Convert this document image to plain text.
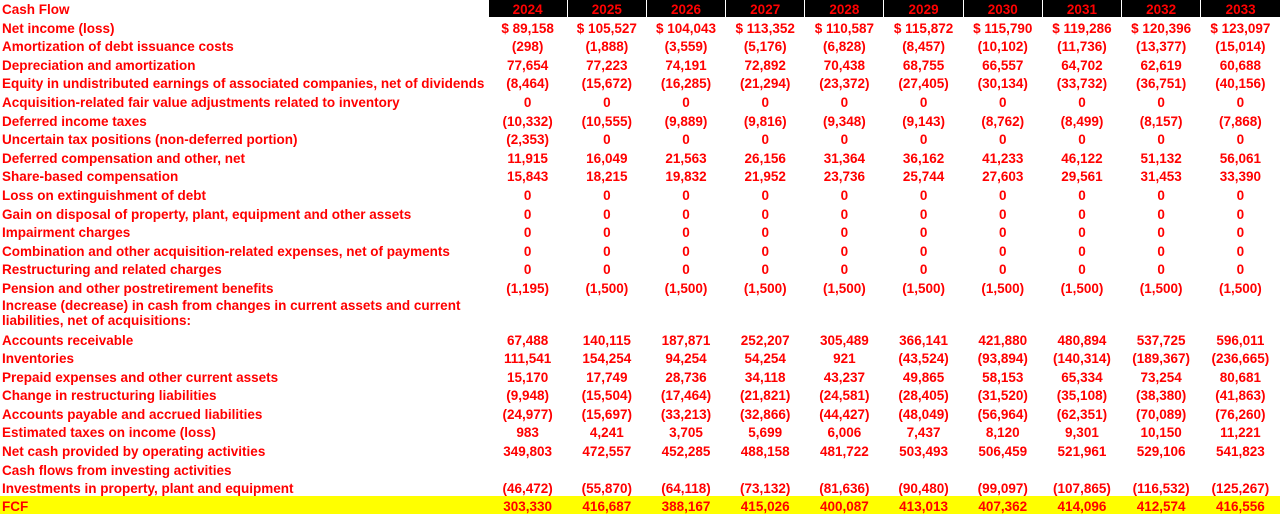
Cash Flow	2024	2025	2026	2027	2028	2029	2030	2031	2032	2033
Net income (loss)	$ 89,158	$ 105,527	$ 104,043	$ 113,352	$ 110,587	$ 115,872	$ 115,790	$ 119,286	$ 120,396	$ 123,097
Amortization of debt issuance costs	(298)	(1,888)	(3,559)	(5,176)	(6,828)	(8,457)	(10,102)	(11,736)	(13,377)	(15,014)
Depreciation and amortization	77,654	77,223	74,191	72,892	70,438	68,755	66,557	64,702	62,619	60,688
Equity in undistributed earnings of associated companies, net of dividends	(8,464)	(15,672)	(16,285)	(21,294)	(23,372)	(27,405)	(30,134)	(33,732)	(36,751)	(40,156)
Acquisition-related fair value adjustments related to inventory	0	0	0	0	0	0	0	0	0	0
Deferred income taxes	(10,332)	(10,555)	(9,889)	(9,816)	(9,348)	(9,143)	(8,762)	(8,499)	(8,157)	(7,868)
Uncertain tax positions (non-deferred portion)	(2,353)	0	0	0	0	0	0	0	0	0
Deferred compensation and other, net	11,915	16,049	21,563	26,156	31,364	36,162	41,233	46,122	51,132	56,061
Share-based compensation	15,843	18,215	19,832	21,952	23,736	25,744	27,603	29,561	31,453	33,390
Loss on extinguishment of debt	0	0	0	0	0	0	0	0	0	0
Gain on disposal of property, plant, equipment and other assets	0	0	0	0	0	0	0	0	0	0
Impairment charges	0	0	0	0	0	0	0	0	0	0
Combination and other acquisition-related expenses, net of payments	0	0	0	0	0	0	0	0	0	0
Restructuring and related charges	0	0	0	0	0	0	0	0	0	0
Pension and other postretirement benefits	(1,195)	(1,500)	(1,500)	(1,500)	(1,500)	(1,500)	(1,500)	(1,500)	(1,500)	(1,500)
Increase (decrease) in cash from changes in current assets and current liabilities, net of acquisitions:										
Accounts receivable	67,488	140,115	187,871	252,207	305,489	366,141	421,880	480,894	537,725	596,011
Inventories	111,541	154,254	94,254	54,254	921	(43,524)	(93,894)	(140,314)	(189,367)	(236,665)
Prepaid expenses and other current assets	15,170	17,749	28,736	34,118	43,237	49,865	58,153	65,334	73,254	80,681
Change in restructuring liabilities	(9,948)	(15,504)	(17,464)	(21,821)	(24,581)	(28,405)	(31,520)	(35,108)	(38,380)	(41,863)
Accounts payable and accrued liabilities	(24,977)	(15,697)	(33,213)	(32,866)	(44,427)	(48,049)	(56,964)	(62,351)	(70,089)	(76,260)
Estimated taxes on income (loss)	983	4,241	3,705	5,699	6,006	7,437	8,120	9,301	10,150	11,221
Net cash provided by operating activities	349,803	472,557	452,285	488,158	481,722	503,493	506,459	521,961	529,106	541,823
Cash flows from investing activities										
Investments in property, plant and equipment	(46,472)	(55,870)	(64,118)	(73,132)	(81,636)	(90,480)	(99,097)	(107,865)	(116,532)	(125,267)
FCF	303,330	416,687	388,167	415,026	400,087	413,013	407,362	414,096	412,574	416,556
